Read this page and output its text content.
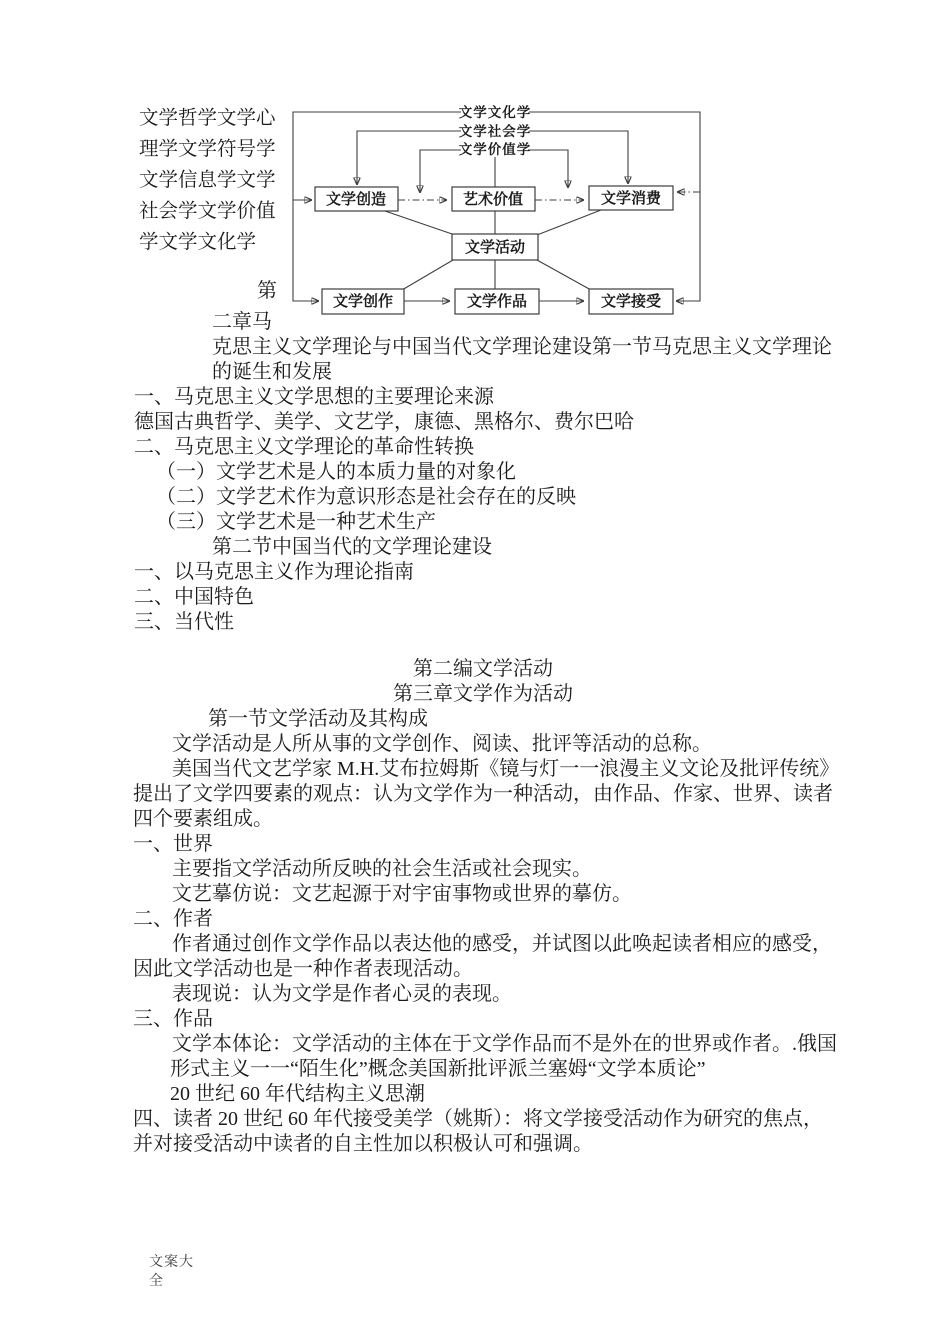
文学哲学文学心
理学文学符号学
文学信息学文学
社会学文学价值
学文学文化学
文学文化学
文学社会学
文学价值学
文学创造	艺术价值	文学消费
文学活动
文学创作	文学作品	文学接受
第
二章马
克思主义文学理论与中国当代文学理论建设第一节马克思主义文学理论
的诞生和发展
一、马克思主义文学思想的主要理论来源
德国古典哲学、美学、文艺学，康德、黑格尔、费尔巴哈
二、马克思主义文学理论的革命性转换
（一）文学艺术是人的本质力量的对象化
（二）文学艺术作为意识形态是社会存在的反映
（三）文学艺术是一种艺术生产
第二节中国当代的文学理论建设
一、以马克思主义作为理论指南
二、中国特色
三、当代性
第二编文学活动
第三章文学作为活动
第一节文学活动及其构成
文学活动是人所从事的文学创作、阅读、批评等活动的总称。
美国当代文艺学家 M.H.艾布拉姆斯《镜与灯一一浪漫主义文论及批评传统》
提出了文学四要素的观点：认为文学作为一种活动，由作品、作家、世界、读者
四个要素组成。
一、世界
主要指文学活动所反映的社会生活或社会现实。
文艺摹仿说：文艺起源于对宇宙事物或世界的摹仿。
二、作者
作者通过创作文学作品以表达他的感受，并试图以此唤起读者相应的感受，
因此文学活动也是一种作者表现活动。
表现说：认为文学是作者心灵的表现。
三、作品
文学本体论：文学活动的主体在于文学作品而不是外在的世界或作者。.俄国
形式主义一一“陌生化”概念美国新批评派兰塞姆“文学本质论”
20 世纪 60 年代结构主义思潮
四、读者 20 世纪 60 年代接受美学（姚斯）：将文学接受活动作为研究的焦点，
并对接受活动中读者的自主性加以积极认可和强调。
文案大
全
